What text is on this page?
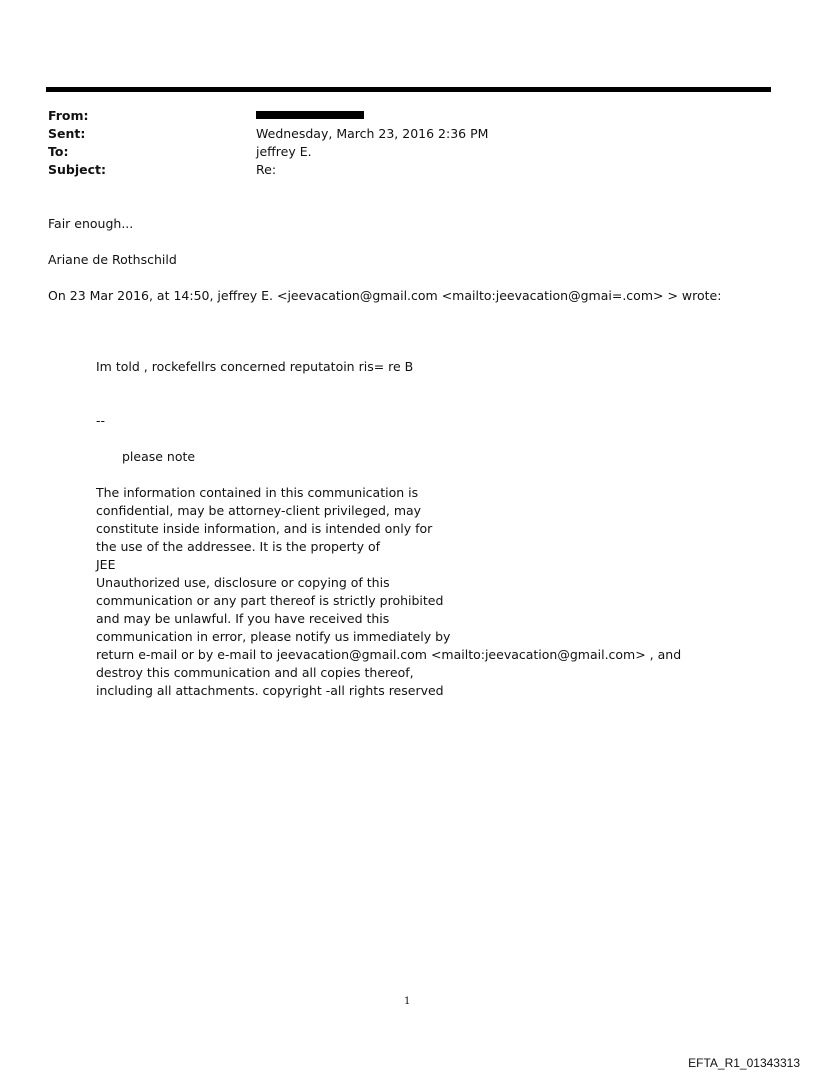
From:
Sent:	Wednesday, March 23, 2016 2:36 PM
To:	jeffrey E.
Subject:	Re:
Fair enough...
Ariane de Rothschild
On 23 Mar 2016, at 14:50, jeffrey E. <jeevacation@gmail.com <mailto:jeevacation@gmai=.com> > wrote:
Im told , rockefellrs concerned reputatoin ris= re B
--
please note
The information contained in this communication is
confidential, may be attorney-client privileged, may
constitute inside information, and is intended only for
the use of the addressee. It is the property of
JEE
Unauthorized use, disclosure or copying of this
communication or any part thereof is strictly prohibited
and may be unlawful. If you have received this
communication in error, please notify us immediately by
return e-mail or by e-mail to jeevacation@gmail.com <mailto:jeevacation@gmail.com> , and
destroy this communication and all copies thereof,
including all attachments. copyright -all rights reserved
1
EFTA_R1_01343313
